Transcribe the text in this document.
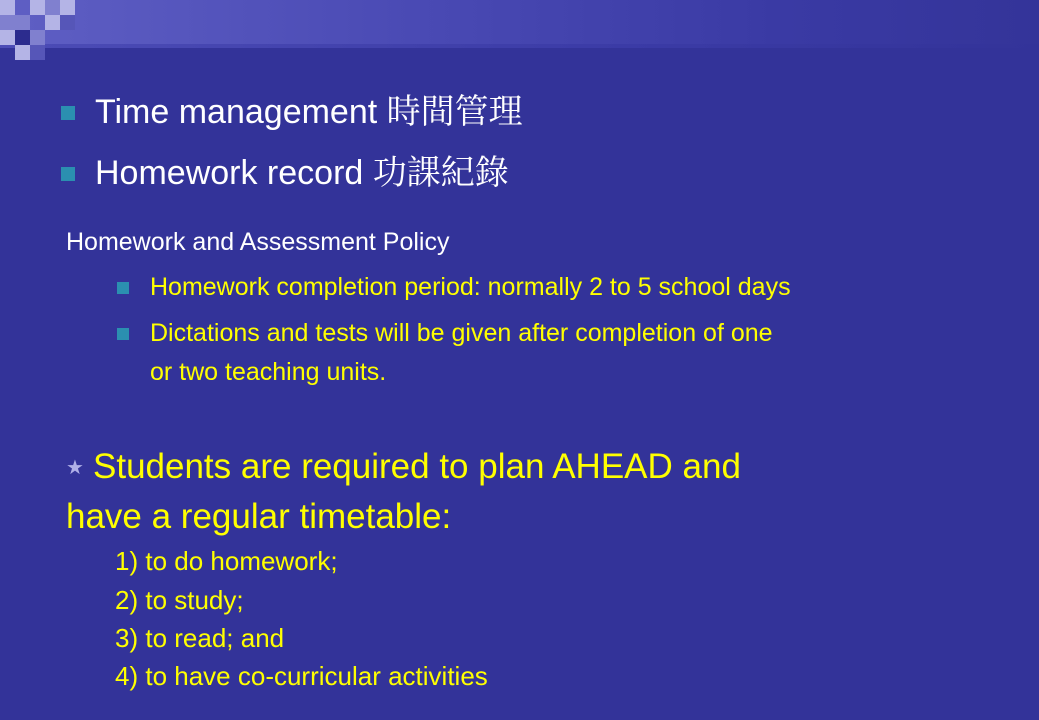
Time management 時間管理
Homework record 功課紀錄
Homework and Assessment Policy
Homework completion period: normally 2 to 5 school days
Dictations and tests will be given after completion of one
or two teaching units.
★ Students are required to plan AHEAD and
have a regular timetable:
1) to do homework;
2) to study;
3) to read; and
4) to have co-curricular activities
